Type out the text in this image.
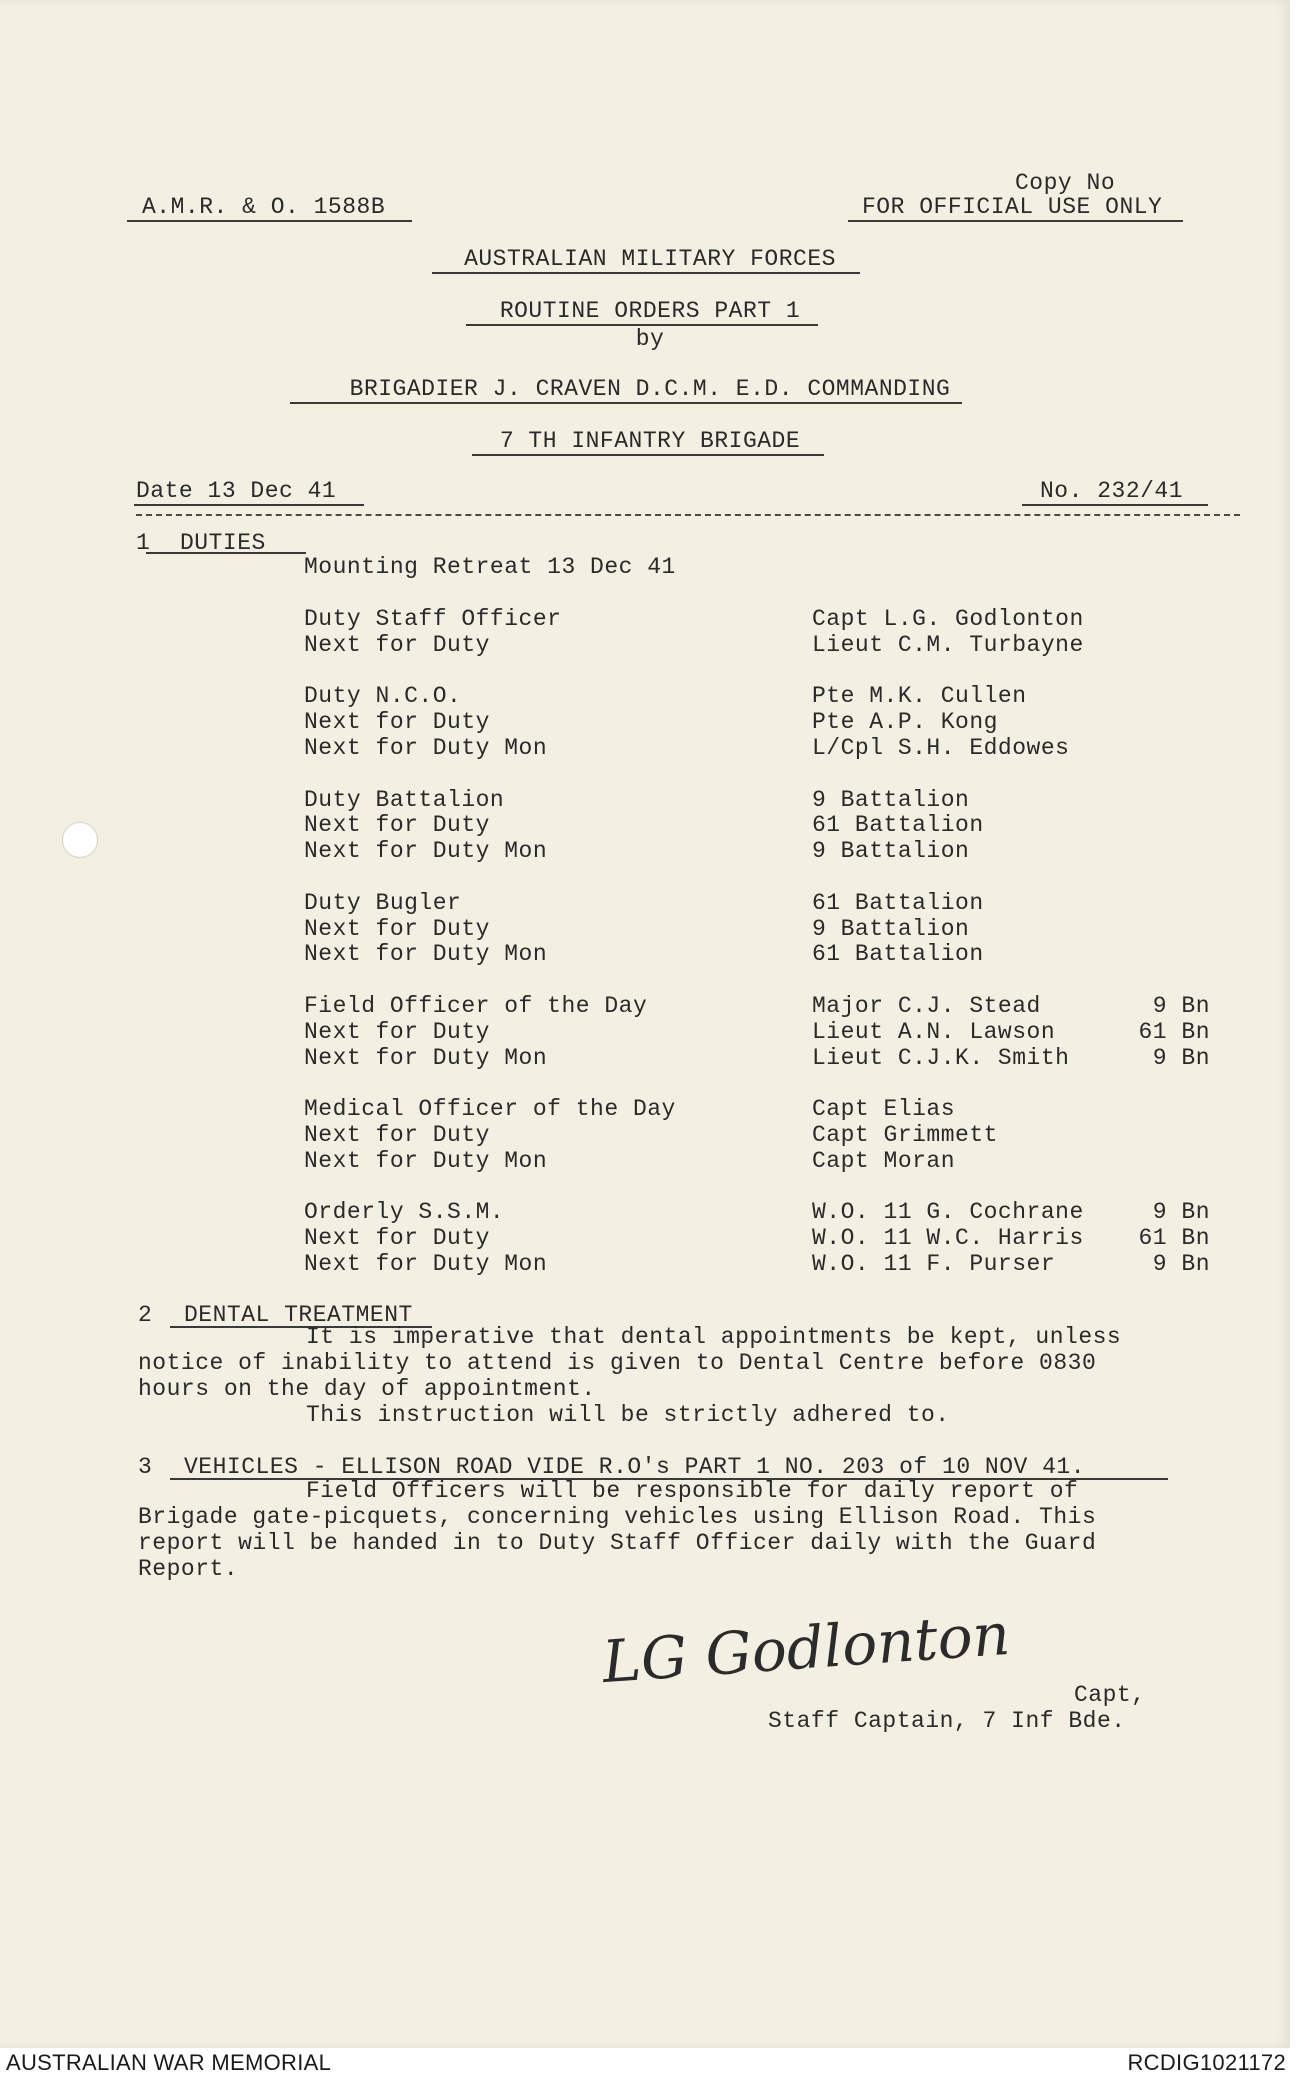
Copy No
A.M.R. & O. 1588B	FOR OFFICIAL USE ONLY
AUSTRALIAN MILITARY FORCES
ROUTINE ORDERS PART 1
by
BRIGADIER J. CRAVEN D.C.M. E.D. COMMANDING
7 TH INFANTRY BRIGADE
Date 13 Dec 41	No. 232/41
1 DUTIES
Mounting Retreat 13 Dec 41
Duty Staff Officer	Capt L.G. Godlonton
Next for Duty	Lieut C.M. Turbayne
Duty N.C.O.	Pte M.K. Cullen
Next for Duty	Pte A.P. Kong
Next for Duty Mon	L/Cpl S.H. Eddowes
Duty Battalion	9 Battalion
Next for Duty	61 Battalion
Next for Duty Mon	9 Battalion
Duty Bugler	61 Battalion
Next for Duty	9 Battalion
Next for Duty Mon	61 Battalion
Field Officer of the Day	Major C.J. Stead	9 Bn
Next for Duty	Lieut A.N. Lawson	61 Bn
Next for Duty Mon	Lieut C.J.K. Smith	9 Bn
Medical Officer of the Day	Capt Elias
Next for Duty	Capt Grimmett
Next for Duty Mon	Capt Moran
Orderly S.S.M.	W.O. 11 G. Cochrane	9 Bn
Next for Duty	W.O. 11 W.C. Harris 61 Bn
Next for Duty Mon	W.O. 11 F. Purser	9 Bn
2 DENTAL TREATMENT
It is imperative that dental appointments be kept, unless
notice of inability to attend is given to Dental Centre before 0830
hours on the day of appointment.
This instruction will be strictly adhered to.
3 VEHICLES - ELLISON ROAD VIDE R.O's PART 1 NO. 203 of 10 NOV 41.
Field Officers will be responsible for daily report of
Brigade gate-picquets, concerning vehicles using Ellison Road. This
report will be handed in to Duty Staff Officer daily with the Guard
Report.
LG Godlonton	Capt,
Staff Captain, 7 Inf Bde.
AUSTRALIAN WAR MEMORIAL	RCDIG1021172
